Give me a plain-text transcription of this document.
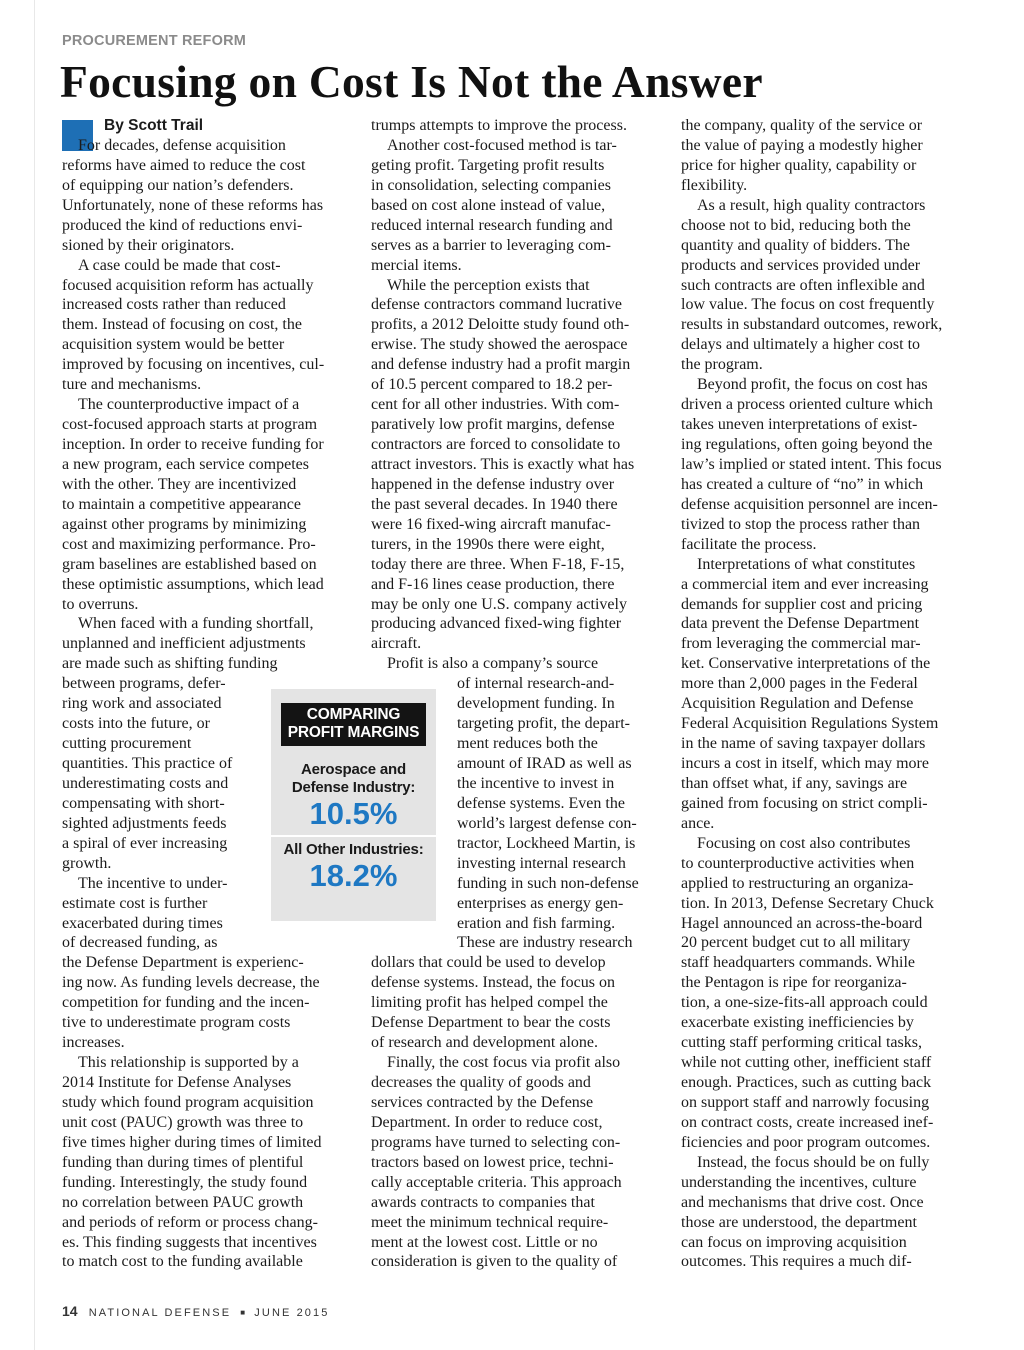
PROCUREMENT REFORM
Focusing on Cost Is Not the Answer
By Scott Trail
For decades, defense acquisition
reforms have aimed to reduce the cost
of equipping our nation’s defenders.
Unfortunately, none of these reforms has
produced the kind of reductions envi-
sioned by their originators.
A case could be made that cost-
focused acquisition reform has actually
increased costs rather than reduced
them. Instead of focusing on cost, the
acquisition system would be better
improved by focusing on incentives, cul-
ture and mechanisms.
The counterproductive impact of a
cost-focused approach starts at program
inception. In order to receive funding for
a new program, each service competes
with the other. They are incentivized
to maintain a competitive appearance
against other programs by minimizing
cost and maximizing performance. Pro-
gram baselines are established based on
these optimistic assumptions, which lead
to overruns.
When faced with a funding shortfall,
unplanned and inefficient adjustments
are made such as shifting funding
between programs, defer-
ring work and associated
costs into the future, or
cutting procurement
quantities. This practice of
underestimating costs and
compensating with short-
sighted adjustments feeds
a spiral of ever increasing
growth.
The incentive to under-
estimate cost is further
exacerbated during times
of decreased funding, as
the Defense Department is experienc-
ing now. As funding levels decrease, the
competition for funding and the incen-
tive to underestimate program costs
increases.
This relationship is supported by a
2014 Institute for Defense Analyses
study which found program acquisition
unit cost (PAUC) growth was three to
five times higher during times of limited
funding than during times of plentiful
funding. Interestingly, the study found
no correlation between PAUC growth
and periods of reform or process chang-
es. This finding suggests that incentives
to match cost to the funding available
trumps attempts to improve the process.
Another cost-focused method is tar-
geting profit. Targeting profit results
in consolidation, selecting companies
based on cost alone instead of value,
reduced internal research funding and
serves as a barrier to leveraging com-
mercial items.
While the perception exists that
defense contractors command lucrative
profits, a 2012 Deloitte study found oth-
erwise. The study showed the aerospace
and defense industry had a profit margin
of 10.5 percent compared to 18.2 per-
cent for all other industries. With com-
paratively low profit margins, defense
contractors are forced to consolidate to
attract investors. This is exactly what has
happened in the defense industry over
the past several decades. In 1940 there
were 16 fixed-wing aircraft manufac-
turers, in the 1990s there were eight,
today there are three. When F-18, F-15,
and F-16 lines cease production, there
may be only one U.S. company actively
producing advanced fixed-wing fighter
aircraft.
Profit is also a company’s source
of internal research-and-
development funding. In
targeting profit, the depart-
ment reduces both the
amount of IRAD as well as
the incentive to invest in
defense systems. Even the
world’s largest defense con-
tractor, Lockheed Martin, is
investing internal research
funding in such non-defense
enterprises as energy gen-
eration and fish farming.
These are industry research
dollars that could be used to develop
defense systems. Instead, the focus on
limiting profit has helped compel the
Defense Department to bear the costs
of research and development alone.
Finally, the cost focus via profit also
decreases the quality of goods and
services contracted by the Defense
Department. In order to reduce cost,
programs have turned to selecting con-
tractors based on lowest price, techni-
cally acceptable criteria. This approach
awards contracts to companies that
meet the minimum technical require-
ment at the lowest cost. Little or no
consideration is given to the quality of
the company, quality of the service or
the value of paying a modestly higher
price for higher quality, capability or
flexibility.
As a result, high quality contractors
choose not to bid, reducing both the
quantity and quality of bidders. The
products and services provided under
such contracts are often inflexible and
low value. The focus on cost frequently
results in substandard outcomes, rework,
delays and ultimately a higher cost to
the program.
Beyond profit, the focus on cost has
driven a process oriented culture which
takes uneven interpretations of exist-
ing regulations, often going beyond the
law’s implied or stated intent. This focus
has created a culture of “no” in which
defense acquisition personnel are incen-
tivized to stop the process rather than
facilitate the process.
Interpretations of what constitutes
a commercial item and ever increasing
demands for supplier cost and pricing
data prevent the Defense Department
from leveraging the commercial mar-
ket. Conservative interpretations of the
more than 2,000 pages in the Federal
Acquisition Regulation and Defense
Federal Acquisition Regulations System
in the name of saving taxpayer dollars
incurs a cost in itself, which may more
than offset what, if any, savings are
gained from focusing on strict compli-
ance.
Focusing on cost also contributes
to counterproductive activities when
applied to restructuring an organiza-
tion. In 2013, Defense Secretary Chuck
Hagel announced an across-the-board
20 percent budget cut to all military
staff headquarters commands. While
the Pentagon is ripe for reorganiza-
tion, a one-size-fits-all approach could
exacerbate existing inefficiencies by
cutting staff performing critical tasks,
while not cutting other, inefficient staff
enough. Practices, such as cutting back
on support staff and narrowly focusing
on contract costs, create increased inef-
ficiencies and poor program outcomes.
Instead, the focus should be on fully
understanding the incentives, culture
and mechanisms that drive cost. Once
those are understood, the department
can focus on improving acquisition
outcomes. This requires a much dif-
COMPARING
PROFIT MARGINS
Aerospace and
Defense Industry:
10.5%
All Other Industries:
18.2%
14 NATIONAL DEFENSE ■ JUNE 2015
